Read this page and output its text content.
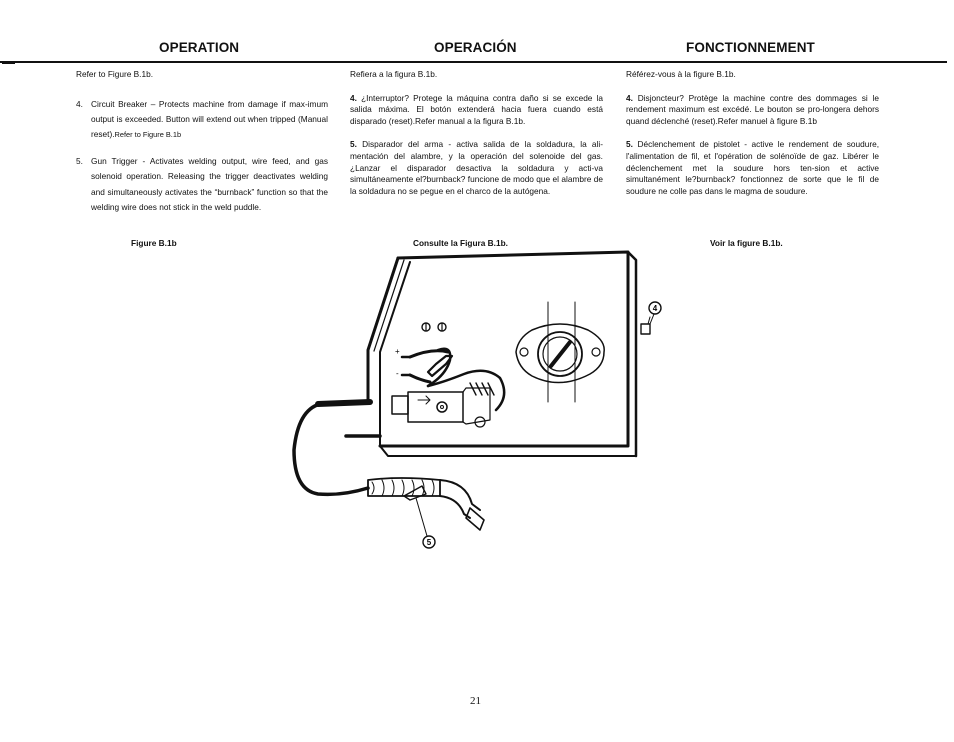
OPERATION	OPERACIÓN	FONCTIONNEMENT

Refer to Figure B.1b.

4. Circuit Breaker – Protects machine from damage if max-imum output is exceeded. Button will extend out when tripped (Manual reset).Refer to Figure B.1b
5. Gun Trigger - Activates welding output, wire feed, and gas solenoid operation. Releasing the trigger deactivates welding and simultaneously activates the “burnback” function so that the welding wire does not stick in the weld puddle.

Refiera a la figura B.1b.

4. ¿Interruptor? Protege la máquina contra daño si se excede la salida máxima. El botón extenderá hacia fuera cuando está disparado (reset).Refer manual a la figura B.1b.

5. Disparador del arma - activa salida de la soldadura, la ali-mentación del alambre, y la operación del solenoide del gas. ¿Lanzar el disparador desactiva la soldadura y acti-va simultáneamente el?burnback? funcione de modo que el alambre de la soldadura no se pegue en el charco de la autógena.

Référez-vous à la figure B.1b.

4. Disjoncteur? Protège la machine contre des dommages si le rendement maximum est excédé. Le bouton se pro-longera dehors quand déclenché (reset).Refer manuel à figure B.1b

5. Déclenchement de pistolet - active le rendement de soudure, l'alimentation de fil, et l'opération de solénoïde de gaz. Libérer le déclenchement met la soudure hors ten-sion et active simultanément le?burnback? fonctionnez de sorte que le fil de soudure ne colle pas dans le magma de soudure.

Figure B.1b	Consulte la Figura B.1b.	Voir la figure B.1b.
4
5
+
-
21
